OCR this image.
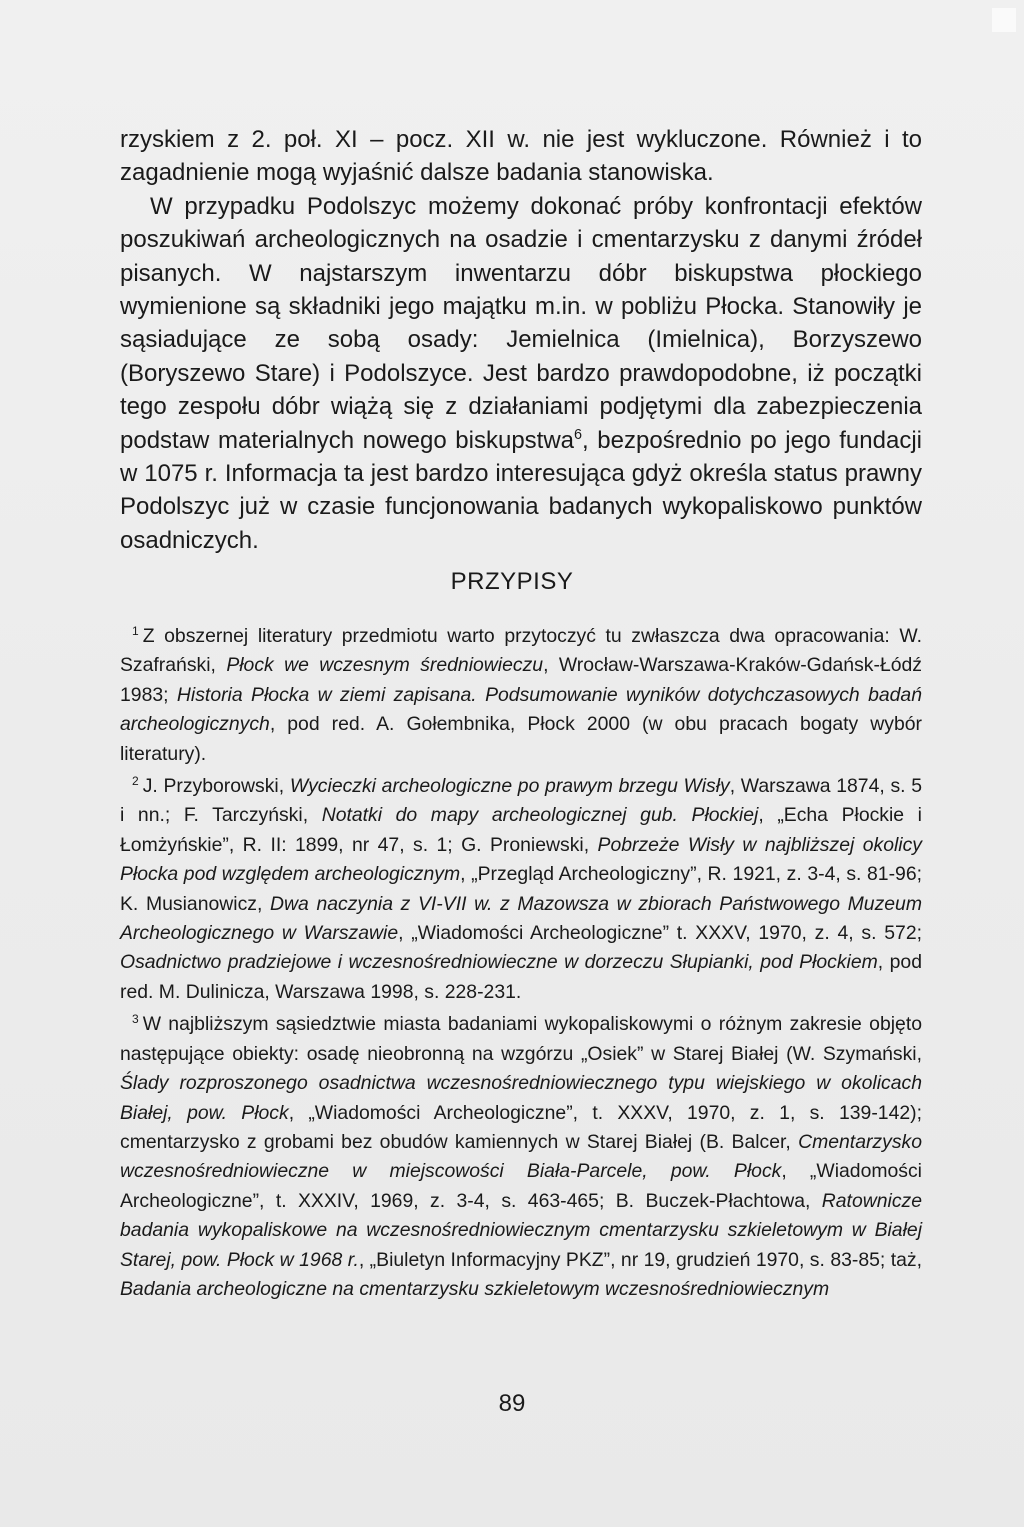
rzyskiem z 2. poł. XI – pocz. XII w. nie jest wykluczone. Również i to zagadnienie mogą wyjaśnić dalsze badania stanowiska.

W przypadku Podolszyc możemy dokonać próby konfrontacji efektów poszukiwań archeologicznych na osadzie i cmentarzysku z danymi źródeł pisanych. W najstarszym inwentarzu dóbr biskupstwa płockiego wymienione są składniki jego majątku m.in. w pobliżu Płocka. Stanowiły je sąsiadujące ze sobą osady: Jemielnica (Imielnica), Borzyszewo (Boryszewo Stare) i Podolszyce. Jest bardzo prawdopodobne, iż początki tego zespołu dóbr wiążą się z działaniami podjętymi dla zabezpieczenia podstaw materialnych nowego biskupstwa$^6$, bezpośrednio po jego fundacji w 1075 r. Informacja ta jest bardzo interesująca gdyż określa status prawny Podolszyc już w czasie funcjonowania badanych wykopaliskowo punktów osadniczych.

PRZYPISY

$^1$ Z obszernej literatury przedmiotu warto przytoczyć tu zwłaszcza dwa opracowania: W. Szafrański, Płock we wczesnym średniowieczu, Wrocław-Warszawa-Kraków-Gdańsk-Łódź 1983; Historia Płocka w ziemi zapisana. Podsumowanie wyników dotychczasowych badań archeologicznych, pod red. A. Gołembnika, Płock 2000 (w obu pracach bogaty wybór literatury).

$^2$ J. Przyborowski, Wycieczki archeologiczne po prawym brzegu Wisły, Warszawa 1874, s. 5 i nn.; F. Tarczyński, Notatki do mapy archeologicznej gub. Płockiej, „Echa Płockie i Łomżyńskie”, R. II: 1899, nr 47, s. 1; G. Proniewski, Pobrzeże Wisły w najbliższej okolicy Płocka pod względem archeologicznym, „Przegląd Archeologiczny”, R. 1921, z. 3-4, s. 81-96; K. Musianowicz, Dwa naczynia z VI-VII w. z Mazowsza w zbiorach Państwowego Muzeum Archeologicznego w Warszawie, „Wiadomości Archeologiczne” t. XXXV, 1970, z. 4, s. 572; Osadnictwo pradziejowe i wczesnośredniowieczne w dorzeczu Słupianki, pod Płockiem, pod red. M. Dulinicza, Warszawa 1998, s. 228-231.

$^3$ W najbliższym sąsiedztwie miasta badaniami wykopaliskowymi o różnym zakresie objęto następujące obiekty: osadę nieobronną na wzgórzu „Osiek” w Starej Białej (W. Szymański, Ślady rozproszonego osadnictwa wczesnośredniowiecznego typu wiejskiego w okolicach Białej, pow. Płock, „Wiadomości Archeologiczne”, t. XXXV, 1970, z. 1, s. 139-142); cmentarzysko z grobami bez obudów kamiennych w Starej Białej (B. Balcer, Cmentarzysko wczesnośredniowieczne w miejscowości Biała-Parcele, pow. Płock, „Wiadomości Archeologiczne”, t. XXXIV, 1969, z. 3-4, s. 463-465; B. Buczek-Płachtowa, Ratownicze badania wykopaliskowe na wczesnośredniowiecznym cmentarzysku szkieletowym w Białej Starej, pow. Płock w 1968 r., „Biuletyn Informacyjny PKZ”, nr 19, grudzień 1970, s. 83-85; taż, Badania archeologiczne na cmentarzysku szkieletowym wczesnośredniowiecznym

89
